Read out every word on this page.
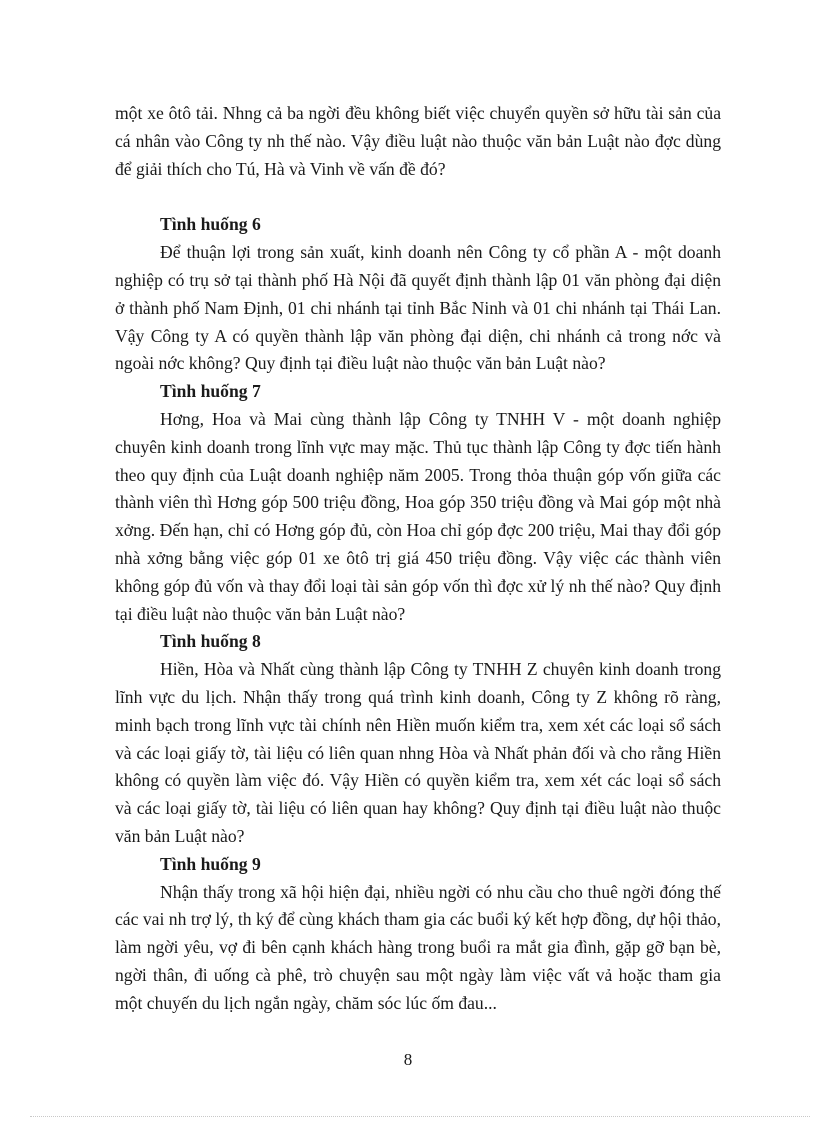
một xe ôtô tải. Nhng cả ba ngời đều không biết việc chuyển quyền sở hữu tài sản của cá nhân vào Công ty nh thế nào. Vậy điều luật nào thuộc văn bản Luật nào đợc dùng để giải thích cho Tú, Hà và Vinh về vấn đề đó?

Tình huống 6

Để thuận lợi trong sản xuất, kinh doanh nên Công ty cổ phần A - một doanh nghiệp có trụ sở tại thành phố Hà Nội đã quyết định thành lập 01 văn phòng đại diện ở thành phố Nam Định, 01 chi nhánh tại tỉnh Bắc Ninh và 01 chi nhánh tại Thái Lan. Vậy Công ty A có quyền thành lập văn phòng đại diện, chi nhánh cả trong nớc và ngoài nớc không? Quy định tại điều luật nào thuộc văn bản Luật nào?

Tình huống 7

Hơng, Hoa và Mai cùng thành lập Công ty TNHH V - một doanh nghiệp chuyên kinh doanh trong lĩnh vực may mặc. Thủ tục thành lập Công ty đợc tiến hành theo quy định của Luật doanh nghiệp năm 2005. Trong thỏa thuận góp vốn giữa các thành viên thì Hơng góp 500 triệu đồng, Hoa góp 350 triệu đồng và Mai góp một nhà xởng. Đến hạn, chỉ có Hơng góp đủ, còn Hoa chỉ góp đợc 200 triệu, Mai thay đổi góp nhà xởng bằng việc góp 01 xe ôtô trị giá 450 triệu đồng. Vậy việc các thành viên không góp đủ vốn và thay đổi loại tài sản góp vốn thì đợc xử lý nh thế nào? Quy định tại điều luật nào thuộc văn bản Luật nào?

Tình huống 8

Hiền, Hòa và Nhất cùng thành lập Công ty TNHH Z chuyên kinh doanh trong lĩnh vực du lịch. Nhận thấy trong quá trình kinh doanh, Công ty Z không rõ ràng, minh bạch trong lĩnh vực tài chính nên Hiền muốn kiểm tra, xem xét các loại sổ sách và các loại giấy tờ, tài liệu có liên quan nhng Hòa và Nhất phản đối và cho rằng Hiền không có quyền làm việc đó. Vậy Hiền có quyền kiểm tra, xem xét các loại sổ sách và các loại giấy tờ, tài liệu có liên quan hay không? Quy định tại điều luật nào thuộc văn bản Luật nào?

Tình huống 9

Nhận thấy trong xã hội hiện đại, nhiều ngời có nhu cầu cho thuê ngời đóng thế các vai nh trợ lý, th ký để cùng khách tham gia các buổi ký kết hợp đồng, dự hội thảo, làm ngời yêu, vợ đi bên cạnh khách hàng trong buổi ra mắt gia đình, gặp gỡ bạn bè, ngời thân, đi uống cà phê, trò chuyện sau một ngày làm việc vất vả hoặc tham gia một chuyến du lịch ngắn ngày, chăm sóc lúc ốm đau...

8
